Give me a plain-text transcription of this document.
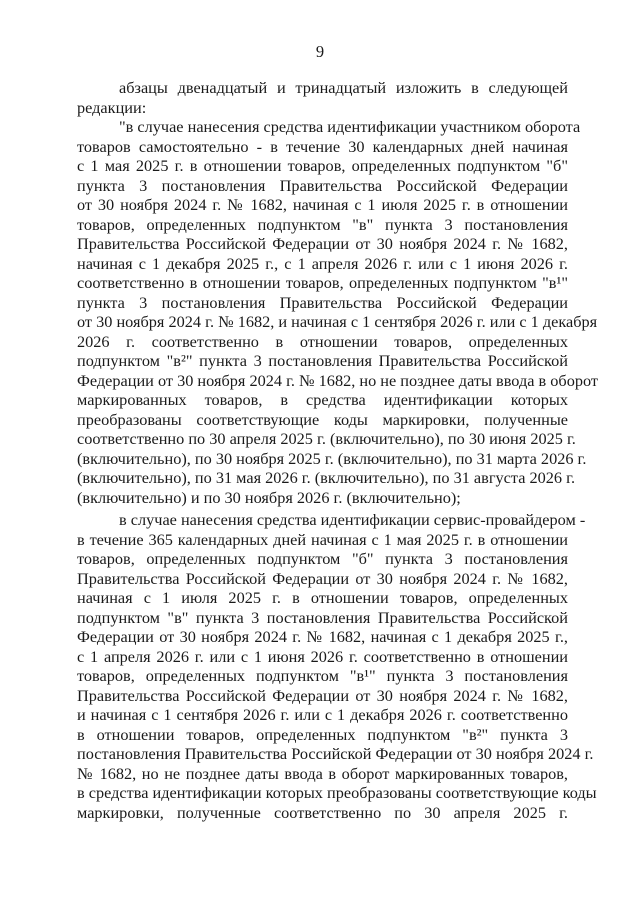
9
абзацы двенадцатый и тринадцатый изложить в следующей
редакции:
"в случае нанесения средства идентификации участником оборота
товаров самостоятельно - в течение 30 календарных дней начиная
с 1 мая 2025 г. в отношении товаров, определенных подпунктом "б"
пункта 3 постановления Правительства Российской Федерации
от 30 ноября 2024 г. № 1682, начиная с 1 июля 2025 г. в отношении
товаров, определенных подпунктом "в" пункта 3 постановления
Правительства Российской Федерации от 30 ноября 2024 г. № 1682,
начиная с 1 декабря 2025 г., с 1 апреля 2026 г. или с 1 июня 2026 г.
соответственно в отношении товаров, определенных подпунктом "в¹"
пункта 3 постановления Правительства Российской Федерации
от 30 ноября 2024 г. № 1682, и начиная с 1 сентября 2026 г. или с 1 декабря
2026 г. соответственно в отношении товаров, определенных
подпунктом "в²" пункта 3 постановления Правительства Российской
Федерации от 30 ноября 2024 г. № 1682, но не позднее даты ввода в оборот
маркированных товаров, в средства идентификации которых
преобразованы соответствующие коды маркировки, полученные
соответственно по 30 апреля 2025 г. (включительно), по 30 июня 2025 г.
(включительно), по 30 ноября 2025 г. (включительно), по 31 марта 2026 г.
(включительно), по 31 мая 2026 г. (включительно), по 31 августа 2026 г.
(включительно) и по 30 ноября 2026 г. (включительно);
в случае нанесения средства идентификации сервис-провайдером -
в течение 365 календарных дней начиная с 1 мая 2025 г. в отношении
товаров, определенных подпунктом "б" пункта 3 постановления
Правительства Российской Федерации от 30 ноября 2024 г. № 1682,
начиная с 1 июля 2025 г. в отношении товаров, определенных
подпунктом "в" пункта 3 постановления Правительства Российской
Федерации от 30 ноября 2024 г. № 1682, начиная с 1 декабря 2025 г.,
с 1 апреля 2026 г. или с 1 июня 2026 г. соответственно в отношении
товаров, определенных подпунктом "в¹" пункта 3 постановления
Правительства Российской Федерации от 30 ноября 2024 г. № 1682,
и начиная с 1 сентября 2026 г. или с 1 декабря 2026 г. соответственно
в отношении товаров, определенных подпунктом "в²" пункта 3
постановления Правительства Российской Федерации от 30 ноября 2024 г.
№ 1682, но не позднее даты ввода в оборот маркированных товаров,
в средства идентификации которых преобразованы соответствующие коды
маркировки, полученные соответственно по 30 апреля 2025 г.
